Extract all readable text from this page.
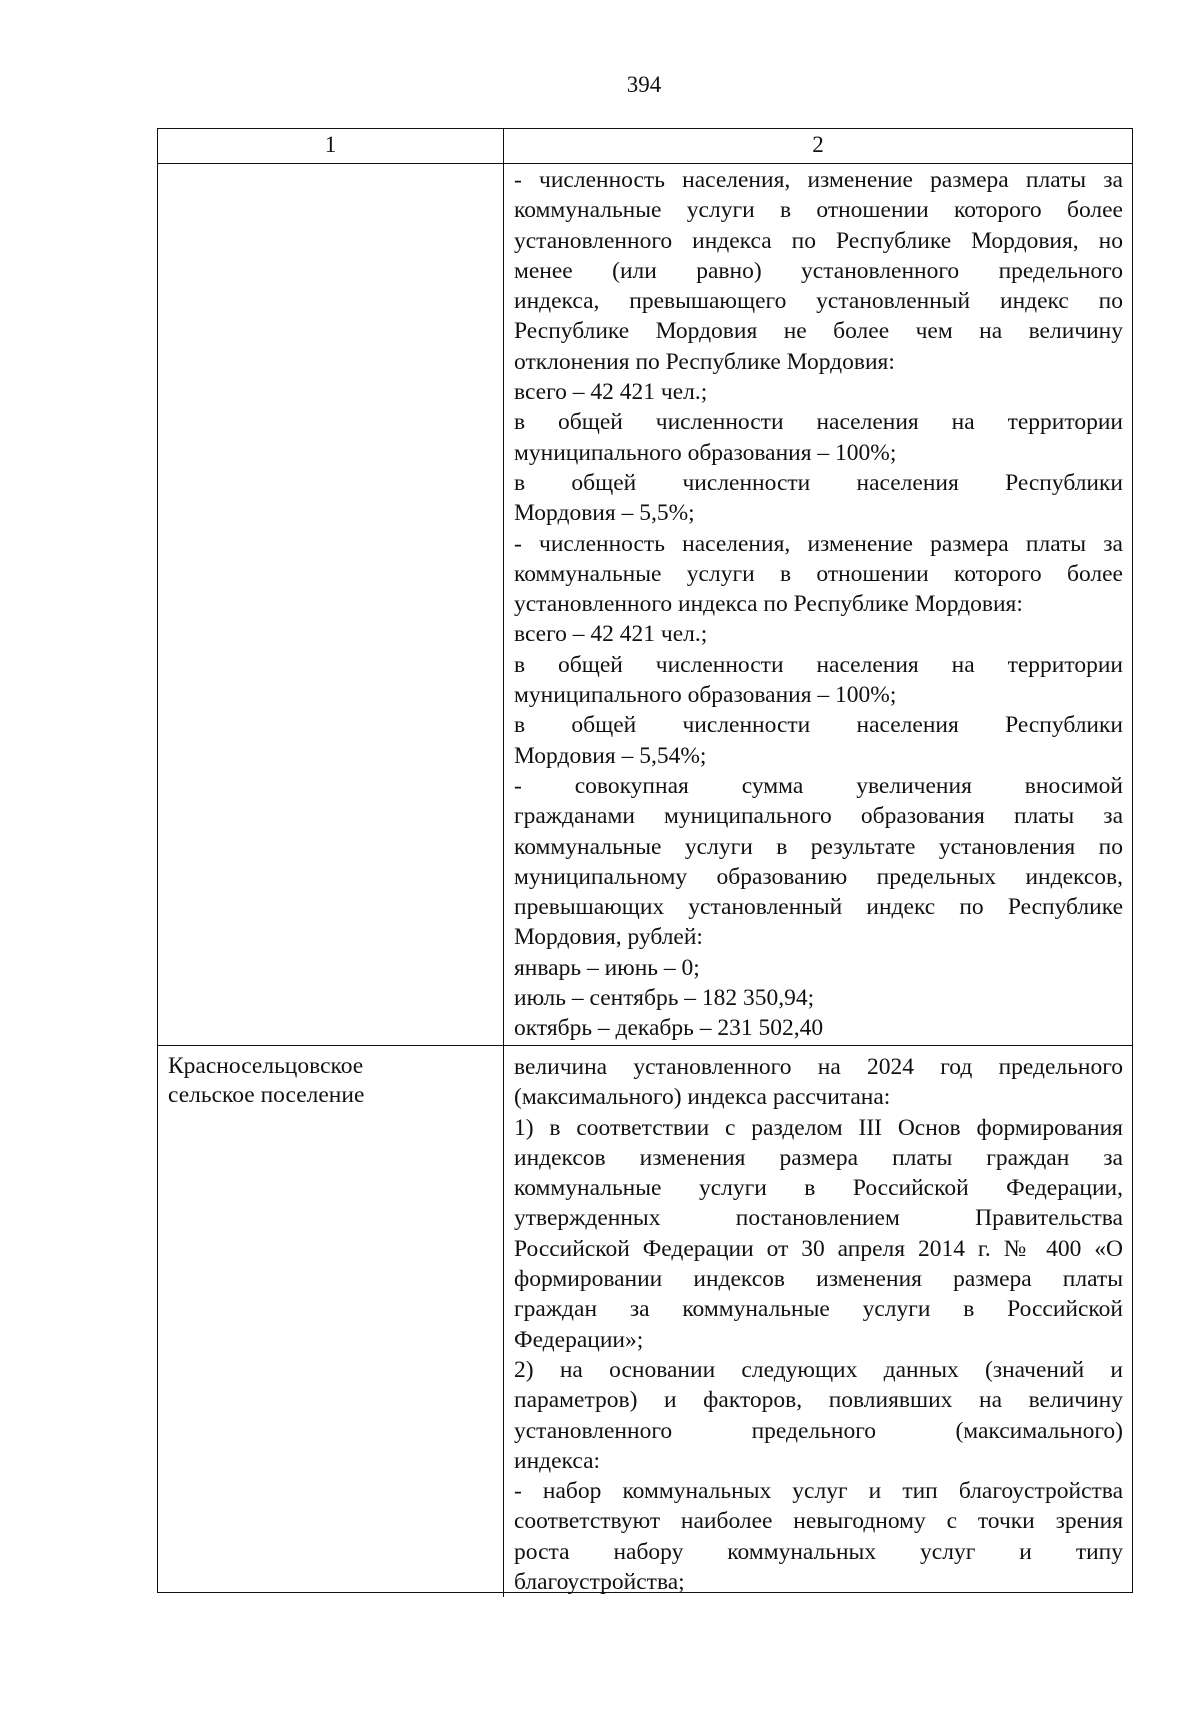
394
1	2
- численность населения, изменение размера платы за
коммунальные услуги в отношении которого более
установленного индекса по Республике Мордовия, но
менее (или равно) установленного предельного
индекса, превышающего установленный индекс по
Республике Мордовия не более чем на величину
отклонения по Республике Мордовия:
всего – 42 421 чел.;
в общей численности населения на территории
муниципального образования – 100%;
в общей численности населения Республики
Мордовия – 5,5%;
- численность населения, изменение размера платы за
коммунальные услуги в отношении которого более
установленного индекса по Республике Мордовия:
всего – 42 421 чел.;
в общей численности населения на территории
муниципального образования – 100%;
в общей численности населения Республики
Мордовия – 5,54%;
- совокупная сумма увеличения вносимой
гражданами муниципального образования платы за
коммунальные услуги в результате установления по
муниципальному образованию предельных индексов,
превышающих установленный индекс по Республике
Мордовия, рублей:
январь – июнь – 0;
июль – сентябрь – 182 350,94;
октябрь – декабрь – 231 502,40
Красносельцовское
сельское поселение
величина установленного на 2024 год предельного
(максимального) индекса рассчитана:
1) в соответствии с разделом III Основ формирования
индексов изменения размера платы граждан за
коммунальные услуги в Российской Федерации,
утвержденных постановлением Правительства
Российской Федерации от 30 апреля 2014 г. № 400 «О
формировании индексов изменения размера платы
граждан за коммунальные услуги в Российской
Федерации»;
2) на основании следующих данных (значений и
параметров) и факторов, повлиявших на величину
установленного предельного (максимального)
индекса:
- набор коммунальных услуг и тип благоустройства
соответствуют наиболее невыгодному с точки зрения
роста набору коммунальных услуг и типу
благоустройства;
